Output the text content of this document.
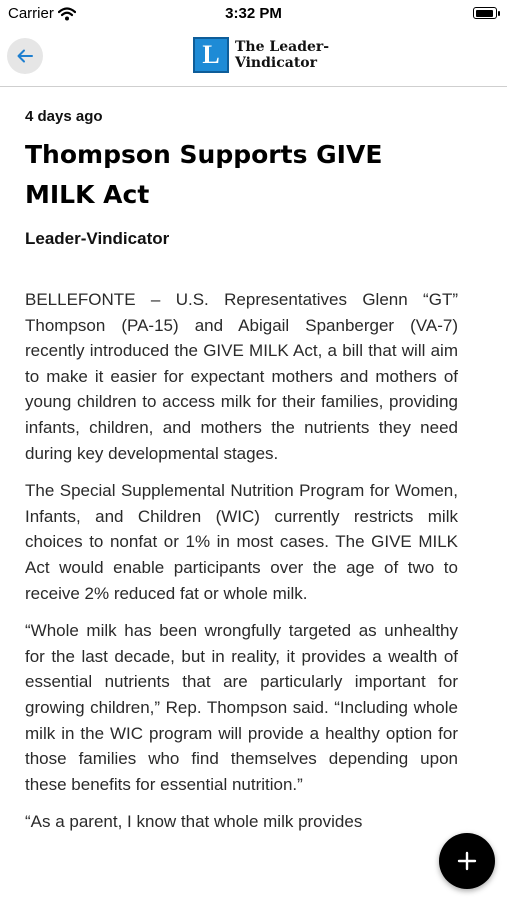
Carrier	3:32 PM
L	The Leader-
Vindicator

4 days ago

Thompson Supports GIVE MILK Act

Leader-Vindicator

BELLEFONTE – U.S. Representatives Glenn “GT” Thompson (PA-15) and Abigail Spanberger (VA-7) recently introduced the GIVE MILK Act, a bill that will aim to make it easier for expectant mothers and mothers of young children to access milk for their families, providing infants, children, and mothers the nutrients they need during key developmental stages.

The Special Supplemental Nutrition Program for Women, Infants, and Children (WIC) currently restricts milk choices to nonfat or 1% in most cases. The GIVE MILK Act would enable participants over the age of two to receive 2% reduced fat or whole milk.

“Whole milk has been wrongfully targeted as unhealthy for the last decade, but in reality, it provides a wealth of essential nutrients that are particularly important for growing children,” Rep. Thompson said. “Including whole milk in the WIC program will provide a healthy option for those families who find themselves depending upon these benefits for essential nutrition.”

“As a parent, I know that whole milk provides
